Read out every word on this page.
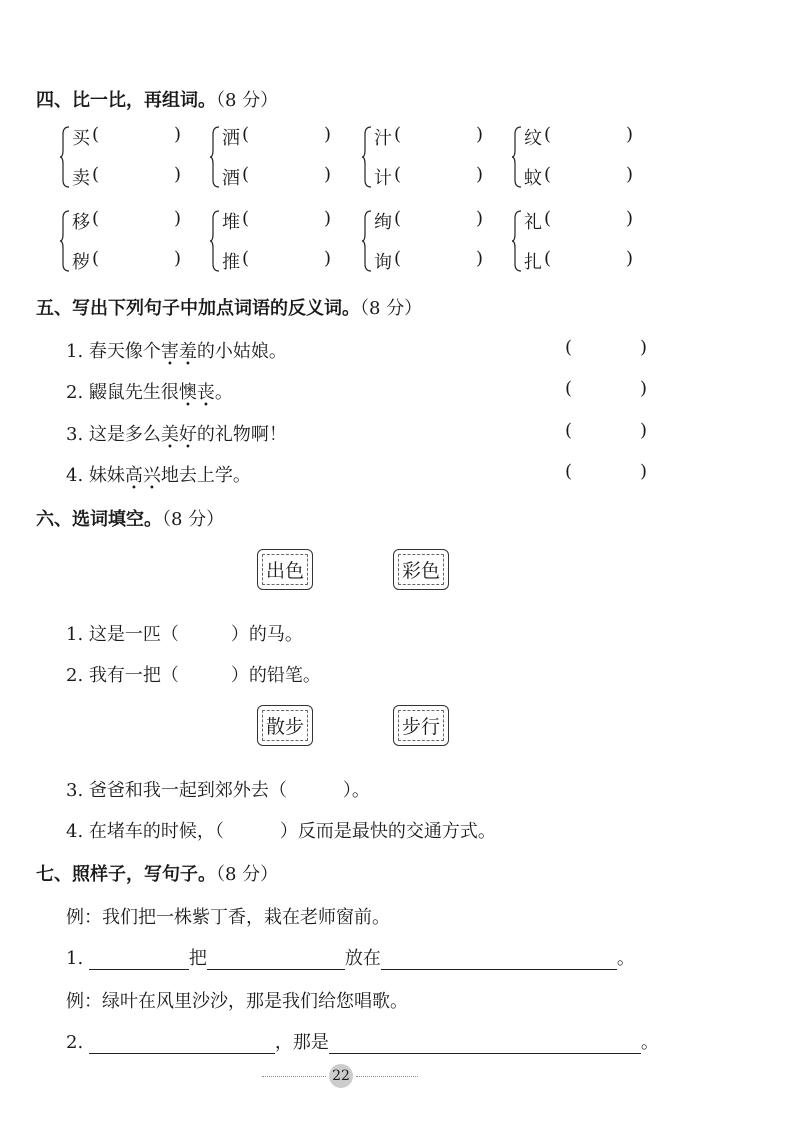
四、比一比，再组词。（8 分）
买 (	)
卖 (	)
洒 (	)
酒 (	)
汁 (	)
计 (	)
纹 (	)
蚊 (	)
移 (	)
秽 (	)
堆 (	)
推 (	)
绚 (	)
询 (	)
礼 (	)
扎 (	)
五、写出下列句子中加点词语的反义词。（8 分）
1. 春天像个害羞的小姑娘。	(	)
2. 鼹鼠先生很懊丧。	(	)
3. 这是多么美好的礼物啊！	(	)
4. 妹妹高兴地去上学。	(	)
六、选词填空。（8 分）
出色	彩色
1. 这是一匹（	）的马。
2. 我有一把（	）的铅笔。
散步	步行
3. 爸爸和我一起到郊外去（	）。
4. 在堵车的时候，（	）反而是最快的交通方式。
七、照样子，写句子。（8 分）
例：我们把一株紫丁香，栽在老师窗前。
1.	把	放在	。
例：绿叶在风里沙沙，那是我们给您唱歌。
2.	，那是	。
22
